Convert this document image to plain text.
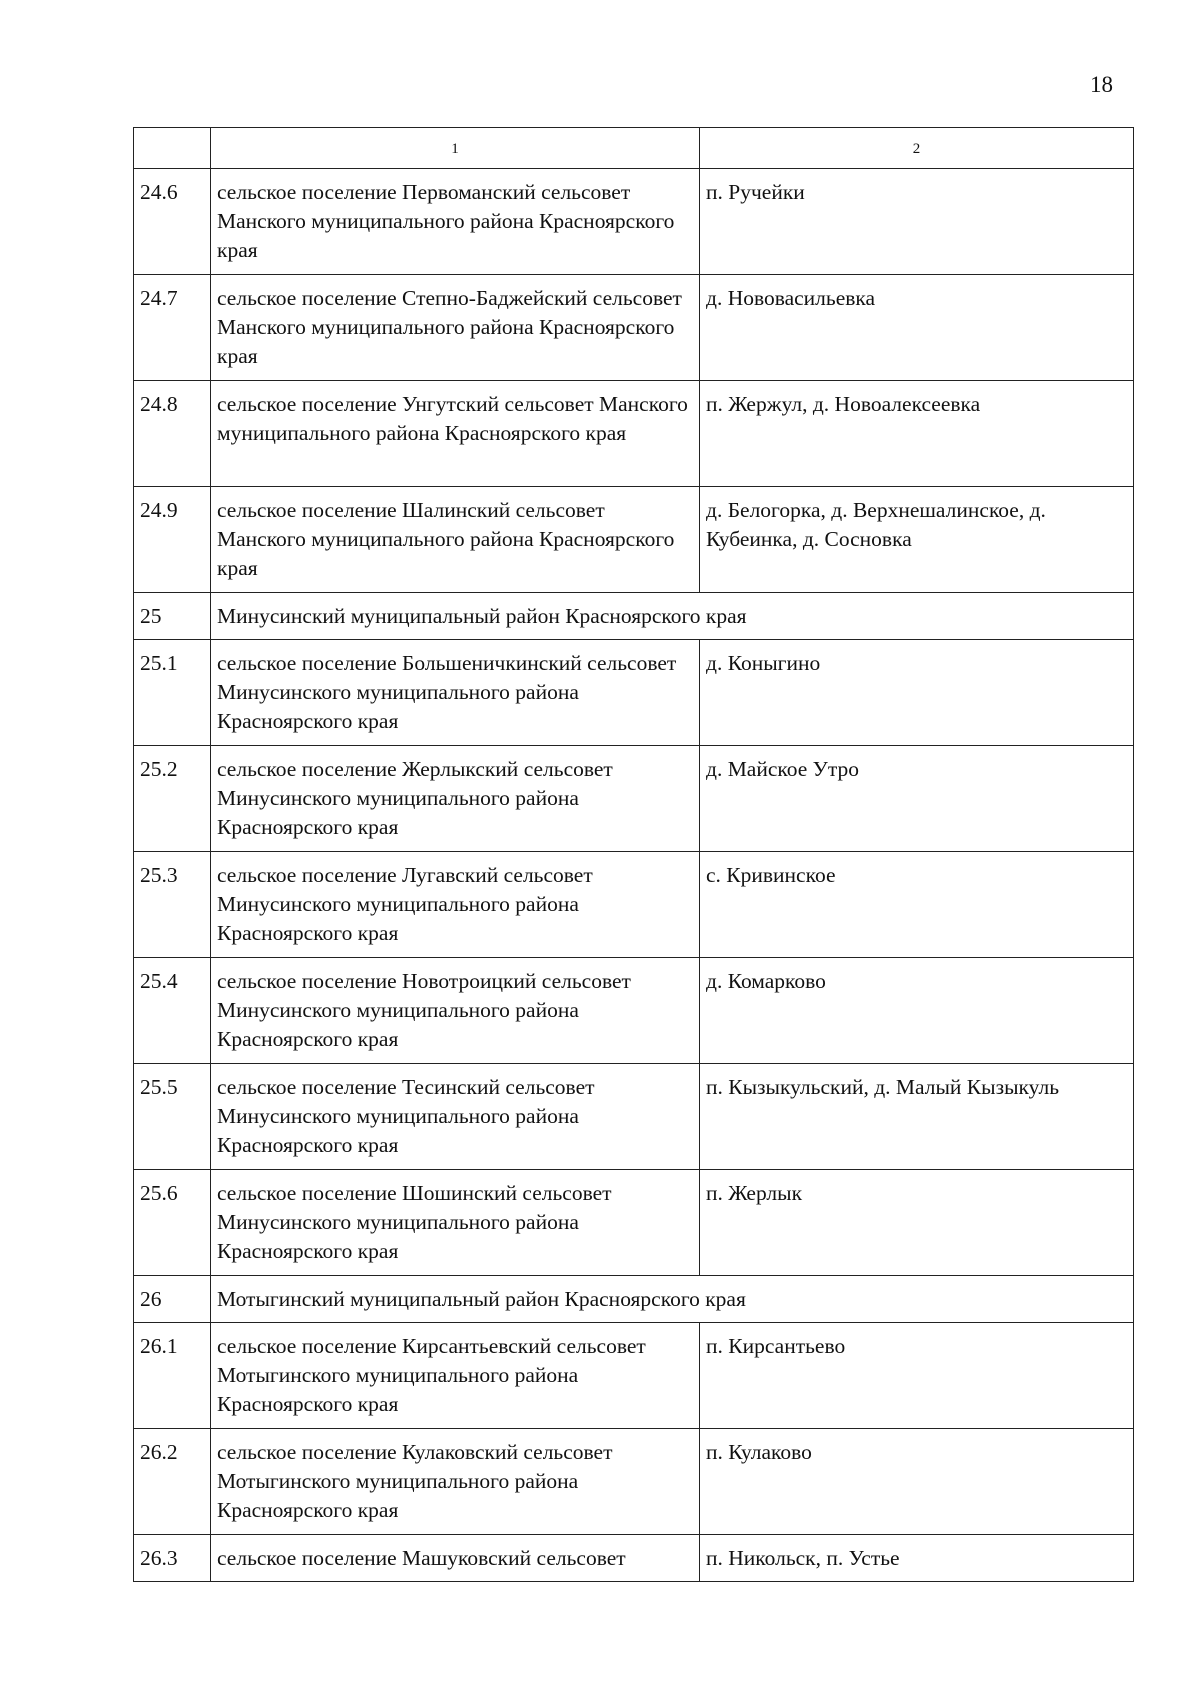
18
	1	2
24.6	сельское поселение Первоманский сельсовет Манского муниципального района Красноярского края	п. Ручейки
24.7	сельское поселение Степно-Баджейский сельсовет Манского муниципального района Красноярского края	д. Нововасильевка
24.8	сельское поселение Унгутский сельсовет Манского муниципального района Красноярского края	п. Жержул, д. Новоалексеевка
24.9	сельское поселение Шалинский сельсовет Манского муниципального района Красноярского края	д. Белогорка, д. Верхнешалинское, д. Кубеинка, д. Сосновка
25	Минусинский муниципальный район Красноярского края	
25.1	сельское поселение Большеничкинский сельсовет Минусинского муниципального района Красноярского края	д. Коныгино
25.2	сельское поселение Жерлыкский сельсовет Минусинского муниципального района Красноярского края	д. Майское Утро
25.3	сельское поселение Лугавский сельсовет Минусинского муниципального района Красноярского края	с. Кривинское
25.4	сельское поселение Новотроицкий сельсовет Минусинского муниципального района Красноярского края	д. Комарково
25.5	сельское поселение Тесинский сельсовет Минусинского муниципального района Красноярского края	п. Кызыкульский, д. Малый Кызыкуль
25.6	сельское поселение Шошинский сельсовет Минусинского муниципального района Красноярского края	п. Жерлык
26	Мотыгинский муниципальный район Красноярского края	
26.1	сельское поселение Кирсантьевский сельсовет Мотыгинского муниципального района Красноярского края	п. Кирсантьево
26.2	сельское поселение Кулаковский сельсовет Мотыгинского муниципального района Красноярского края	п. Кулаково
26.3	сельское поселение Машуковский сельсовет	п. Никольск, п. Устье
